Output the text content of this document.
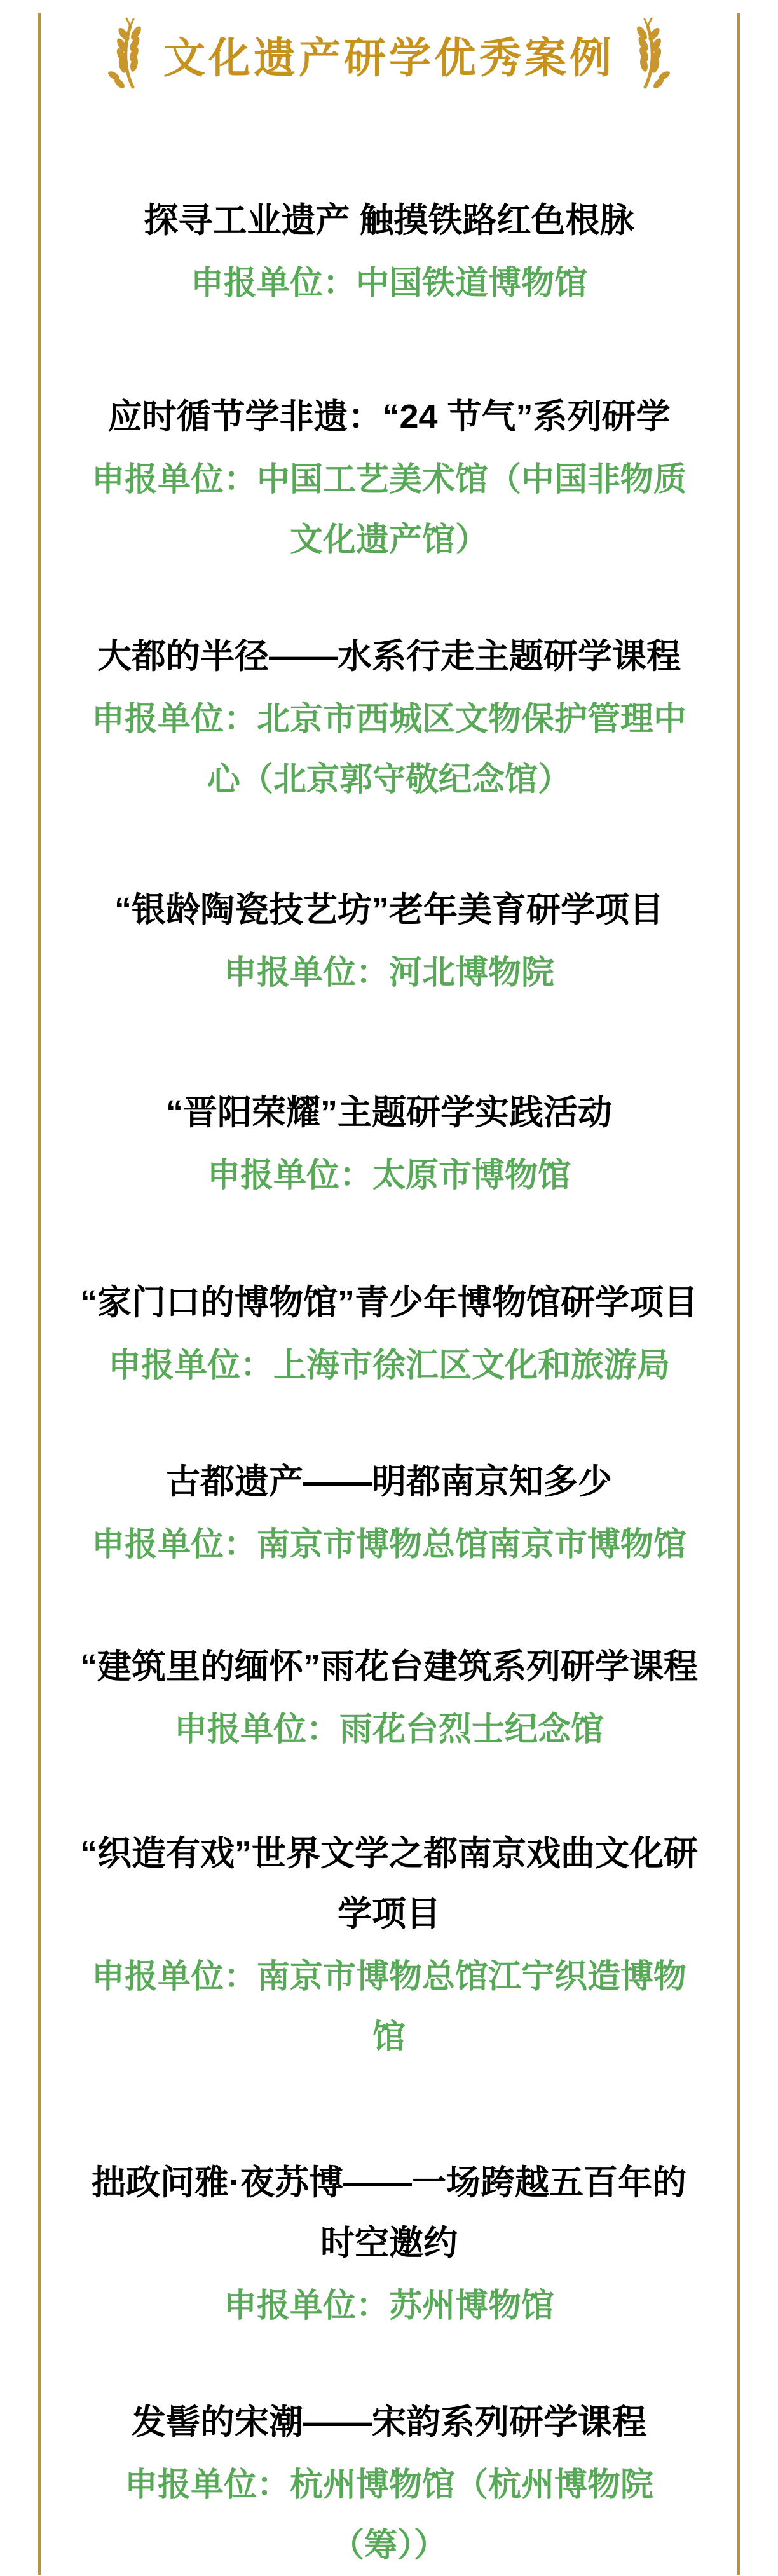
文化遗产研学优秀案例
探寻工业遗产 触摸铁路红色根脉

申报单位：中国铁道博物馆

应时循节学非遗：“24 节气”系列研学

申报单位：中国工艺美术馆（中国非物质文化遗产馆）

大都的半径——水系行走主题研学课程

申报单位：北京市西城区文物保护管理中心（北京郭守敬纪念馆）

“银龄陶瓷技艺坊”老年美育研学项目

申报单位：河北博物院

“晋阳荣耀”主题研学实践活动

申报单位：太原市博物馆

“家门口的博物馆”青少年博物馆研学项目

申报单位：上海市徐汇区文化和旅游局

古都遗产——明都南京知多少

申报单位：南京市博物总馆南京市博物馆

“建筑里的缅怀”雨花台建筑系列研学课程

申报单位：雨花台烈士纪念馆

“织造有戏”世界文学之都南京戏曲文化研学项目

申报单位：南京市博物总馆江宁织造博物馆

拙政问雅·夜苏博——一场跨越五百年的时空邀约

申报单位：苏州博物馆

发髻的宋潮——宋韵系列研学课程

申报单位：杭州博物馆（杭州博物院（筹））
